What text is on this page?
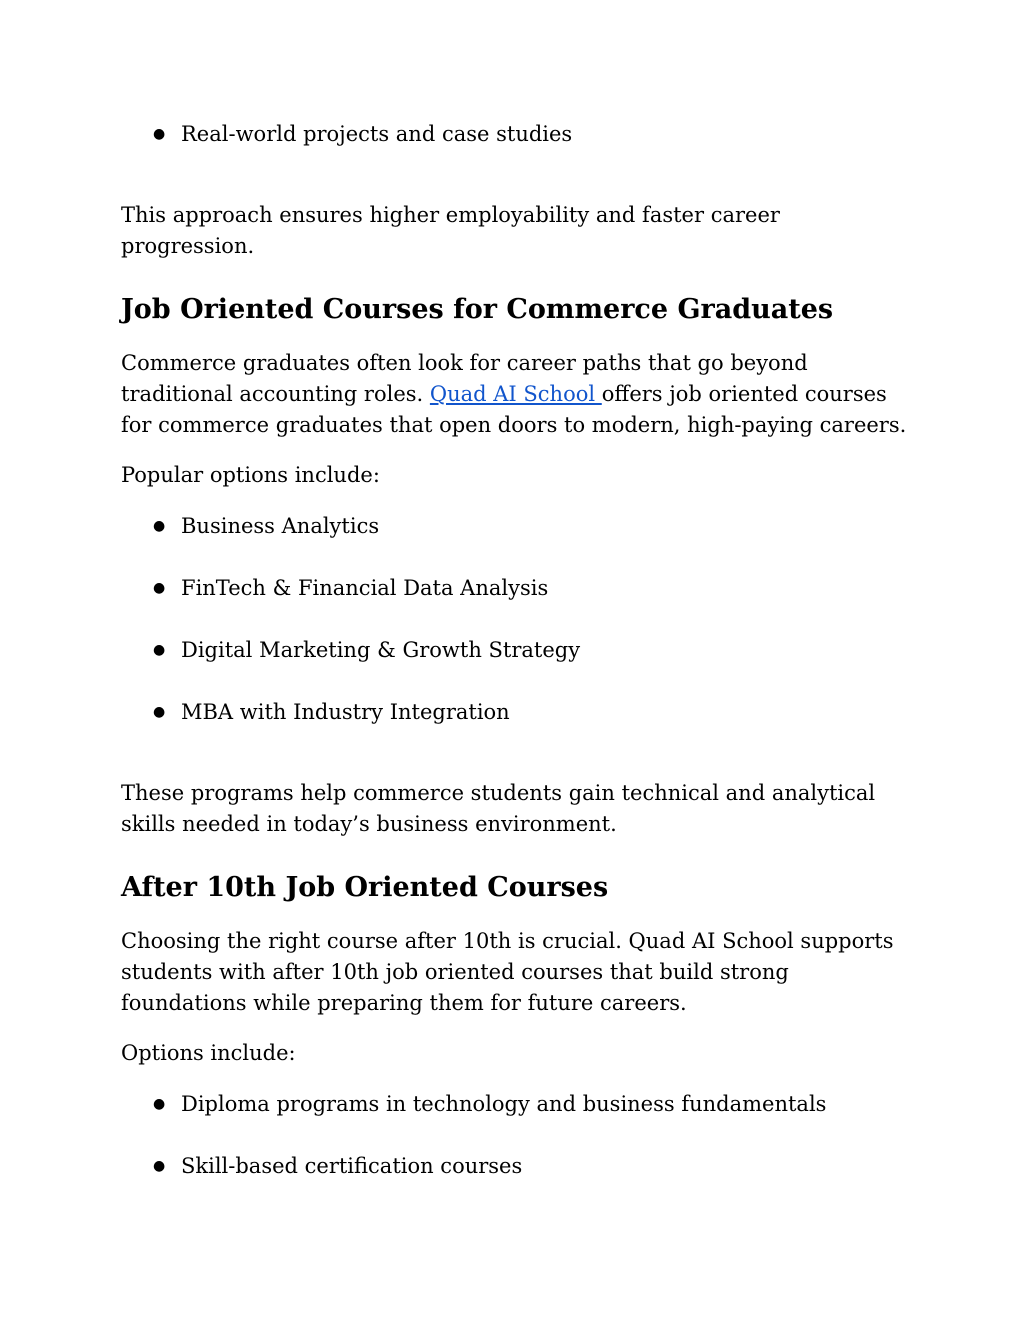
● Real-world projects and case studies

This approach ensures higher employability and faster career progression.

Job Oriented Courses for Commerce Graduates

Commerce graduates often look for career paths that go beyond traditional accounting roles. Quad AI School offers job oriented courses for commerce graduates that open doors to modern, high-paying careers.

Popular options include:

● Business Analytics
● FinTech & Financial Data Analysis
● Digital Marketing & Growth Strategy
● MBA with Industry Integration

These programs help commerce students gain technical and analytical skills needed in today’s business environment.

After 10th Job Oriented Courses

Choosing the right course after 10th is crucial. Quad AI School supports students with after 10th job oriented courses that build strong foundations while preparing them for future careers.

Options include:

● Diploma programs in technology and business fundamentals
● Skill-based certification courses
